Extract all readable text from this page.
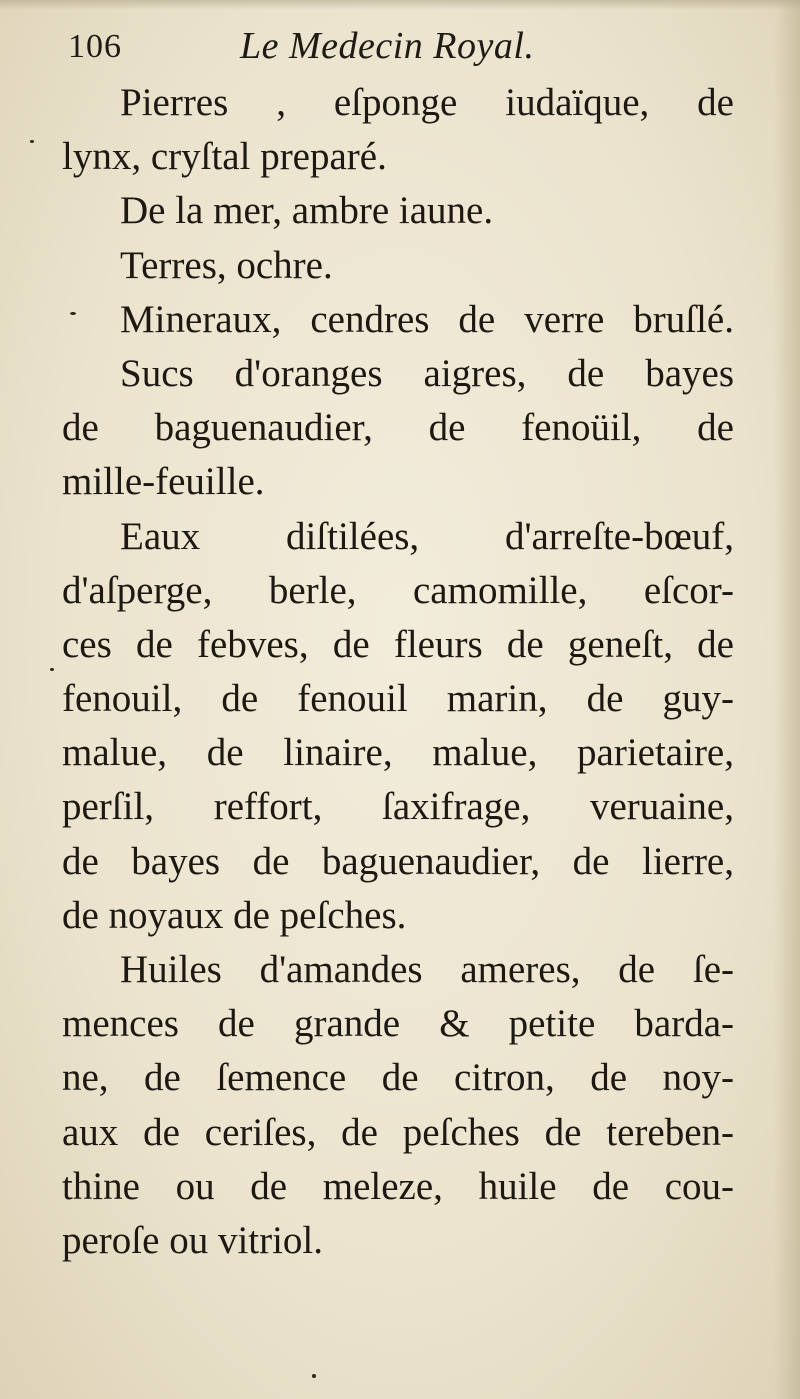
106	Le Medecin Royal.
Pierres , eſponge iudaïque, de
lynx, cryſtal preparé.
De la mer, ambre iaune.
Terres, ochre.
Mineraux, cendres de verre bruſlé.
Sucs d'oranges aigres, de bayes
de baguenaudier, de fenoüil, de
mille-feuille.
Eaux diſtilées, d'arreſte-bœuf,
d'aſperge, berle, camomille, eſcor-
ces de febves, de fleurs de geneſt, de
fenouil, de fenouil marin, de guy-
malue, de linaire, malue, parietaire,
perſil, reffort, ſaxifrage, veruaine,
de bayes de baguenaudier, de lierre,
de noyaux de peſches.
Huiles d'amandes ameres, de ſe-
mences de grande & petite barda-
ne, de ſemence de citron, de noy-
aux de ceriſes, de peſches de tereben-
thine ou de meleze, huile de cou-
peroſe ou vitriol.
